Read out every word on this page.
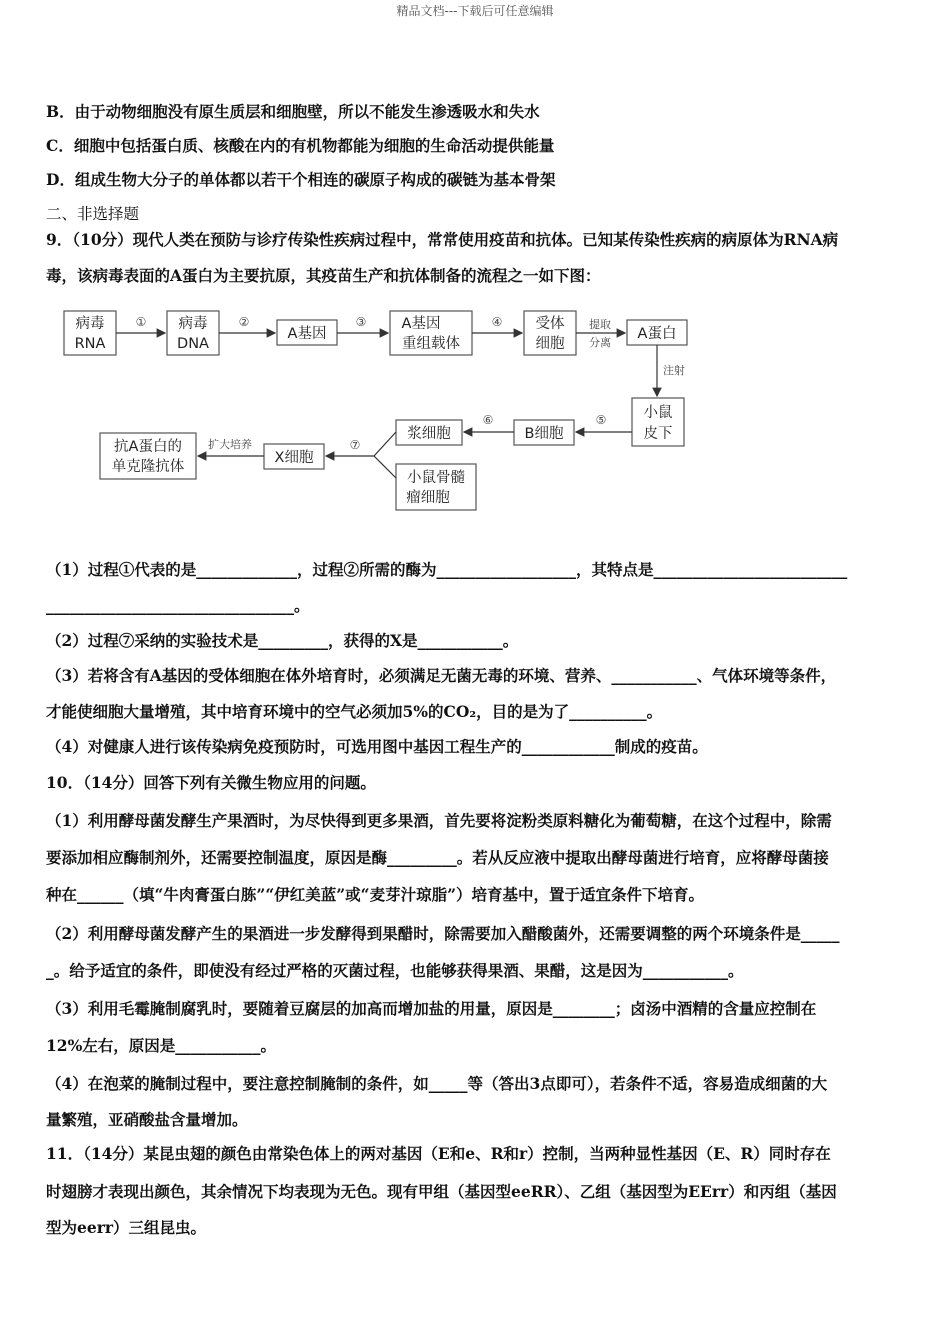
精品文档---下载后可任意编辑
B．由于动物细胞没有原生质层和细胞壁，所以不能发生渗透吸水和失水
C．细胞中包括蛋白质、核酸在内的有机物都能为细胞的生命活动提供能量
D．组成生物大分子的单体都以若干个相连的碳原子构成的碳链为基本骨架
二、非选择题
9．（10分）现代人类在预防与诊疗传染性疾病过程中，常常使用疫苗和抗体。已知某传染性疾病的病原体为RNA病
毒，该病毒表面的A蛋白为主要抗原，其疫苗生产和抗体制备的流程之一如下图：
病毒
RNA
病毒
DNA
A基因
A基因
重组载体
受体
细胞
A蛋白
①	②	③	④	提取
分离
注射
小鼠
皮下
B细胞
浆细胞
小鼠骨髓
瘤细胞
X细胞
抗A蛋白的
单克隆抗体
⑤
⑥
⑦
扩大培养
（1）过程①代表的是_____________，过程②所需的酶为__________________，其特点是_________________________
________________________________。
（2）过程⑦采纳的实验技术是_________，获得的X是___________。
（3）若将含有A基因的受体细胞在体外培育时，必须满足无菌无毒的环境、营养、___________、气体环境等条件，
才能使细胞大量增殖，其中培育环境中的空气必须加5%的CO₂，目的是为了__________。
（4）对健康人进行该传染病免疫预防时，可选用图中基因工程生产的____________制成的疫苗。
10．（14分）回答下列有关微生物应用的问题。
（1）利用酵母菌发酵生产果酒时，为尽快得到更多果酒，首先要将淀粉类原料糖化为葡萄糖，在这个过程中，除需
要添加相应酶制剂外，还需要控制温度，原因是酶_________。若从反应液中提取出酵母菌进行培育，应将酵母菌接
种在______（填“牛肉膏蛋白胨”“伊红美蓝”或“麦芽汁琼脂”）培育基中，置于适宜条件下培育。
（2）利用酵母菌发酵产生的果酒进一步发酵得到果醋时，除需要加入醋酸菌外，还需要调整的两个环境条件是_____
_。给予适宜的条件，即使没有经过严格的灭菌过程，也能够获得果酒、果醋，这是因为___________。
（3）利用毛霉腌制腐乳时，要随着豆腐层的加高而增加盐的用量，原因是________；卤汤中酒精的含量应控制在
12%左右，原因是___________。
（4）在泡菜的腌制过程中，要注意控制腌制的条件，如_____等（答出3点即可），若条件不适，容易造成细菌的大
量繁殖，亚硝酸盐含量增加。
11．（14分）某昆虫翅的颜色由常染色体上的两对基因（E和e、R和r）控制，当两种显性基因（E、R）同时存在
时翅膀才表现出颜色，其余情况下均表现为无色。现有甲组（基因型eeRR）、乙组（基因型为EErr）和丙组（基因
型为eerr）三组昆虫。
